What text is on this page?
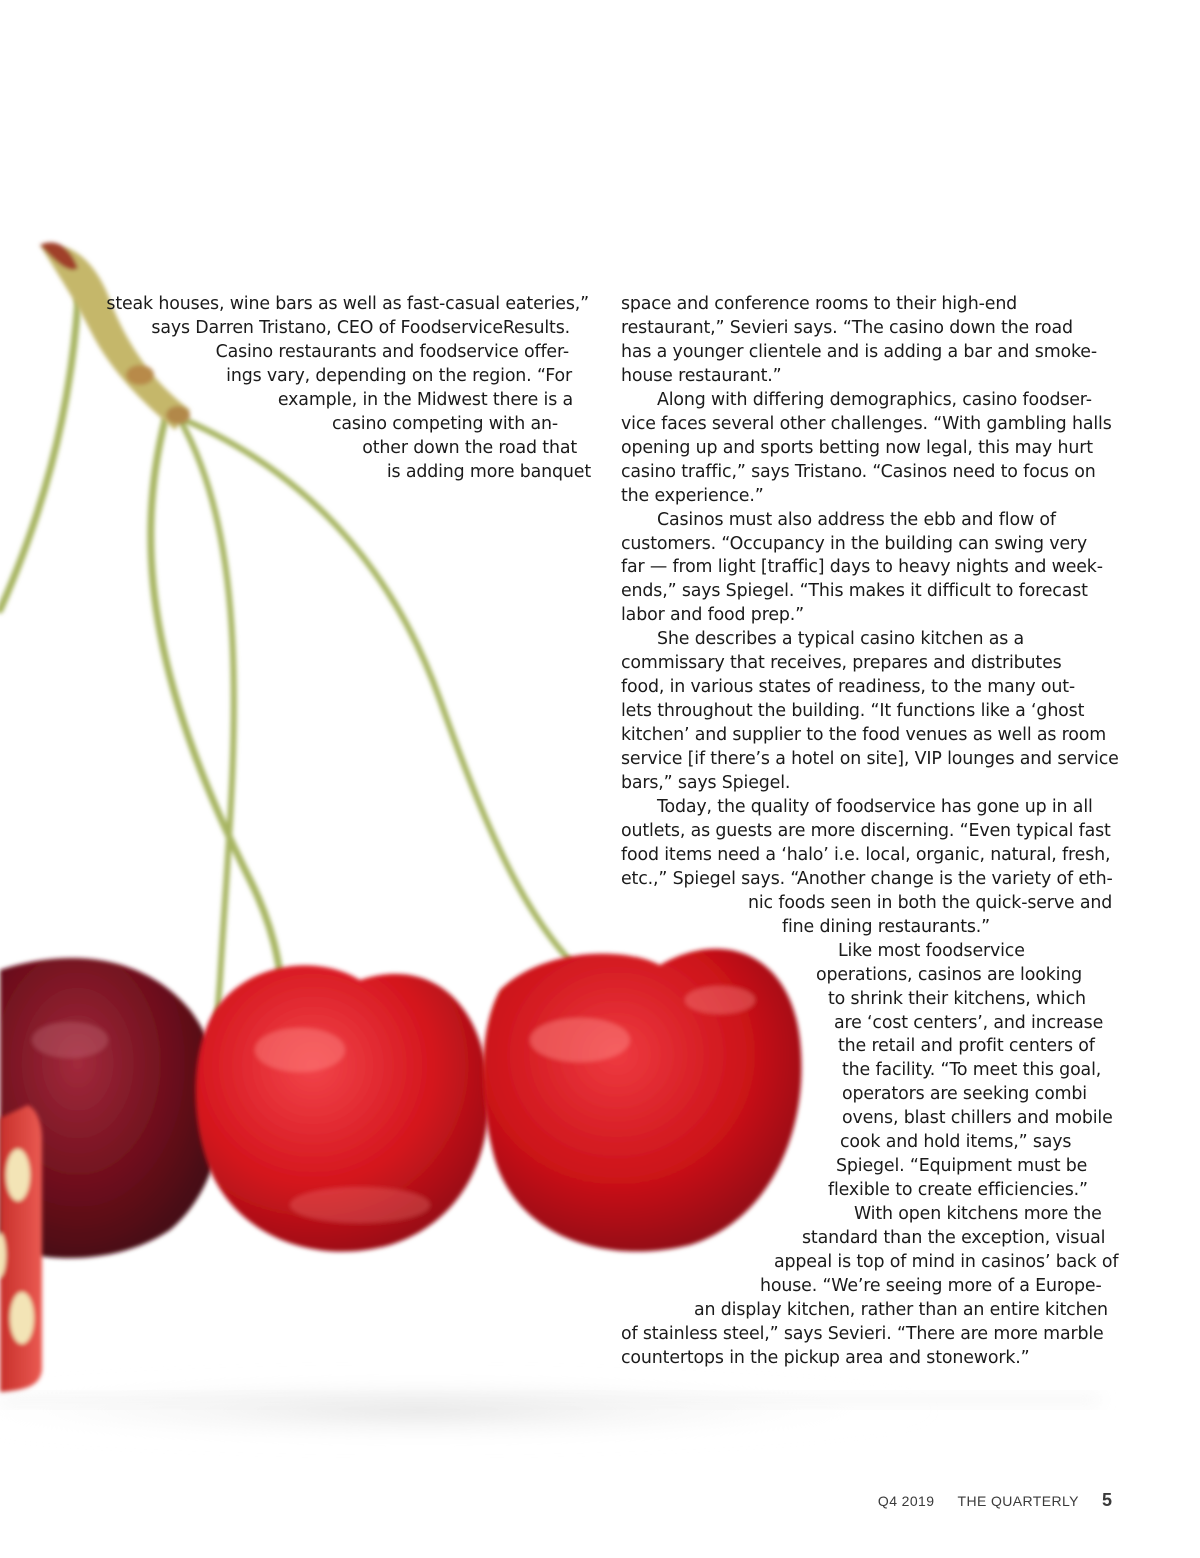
steak houses, wine bars as well as fast-casual eateries,”
says Darren Tristano, CEO of FoodserviceResults.
Casino restaurants and foodservice offer-
ings vary, depending on the region. “For
example, in the Midwest there is a
casino competing with an-
other down the road that
is adding more banquet
space and conference rooms to their high-end
restaurant,” Sevieri says. “The casino down the road
has a younger clientele and is adding a bar and smoke-
house restaurant.”
Along with differing demographics, casino foodser-
vice faces several other challenges. “With gambling halls
opening up and sports betting now legal, this may hurt
casino traffic,” says Tristano. “Casinos need to focus on
the experience.”
Casinos must also address the ebb and flow of
customers. “Occupancy in the building can swing very
far — from light [traffic] days to heavy nights and week-
ends,” says Spiegel. “This makes it difficult to forecast
labor and food prep.”
She describes a typical casino kitchen as a
commissary that receives, prepares and distributes
food, in various states of readiness, to the many out-
lets throughout the building. “It functions like a ‘ghost
kitchen’ and supplier to the food venues as well as room
service [if there’s a hotel on site], VIP lounges and service
bars,” says Spiegel.
Today, the quality of foodservice has gone up in all
outlets, as guests are more discerning. “Even typical fast
food items need a ‘halo’ i.e. local, organic, natural, fresh,
etc.,” Spiegel says. “Another change is the variety of eth-
nic foods seen in both the quick-serve and
fine dining restaurants.”
Like most foodservice
operations, casinos are looking
to shrink their kitchens, which
are ‘cost centers’, and increase
the retail and profit centers of
the facility. “To meet this goal,
operators are seeking combi
ovens, blast chillers and mobile
cook and hold items,” says
Spiegel. “Equipment must be
flexible to create efficiencies.”
With open kitchens more the
standard than the exception, visual
appeal is top of mind in casinos’ back of
house. “We’re seeing more of a Europe-
an display kitchen, rather than an entire kitchen
of stainless steel,” says Sevieri. “There are more marble
countertops in the pickup area and stonework.”
Q4 2019 THE QUARTERLY 5
